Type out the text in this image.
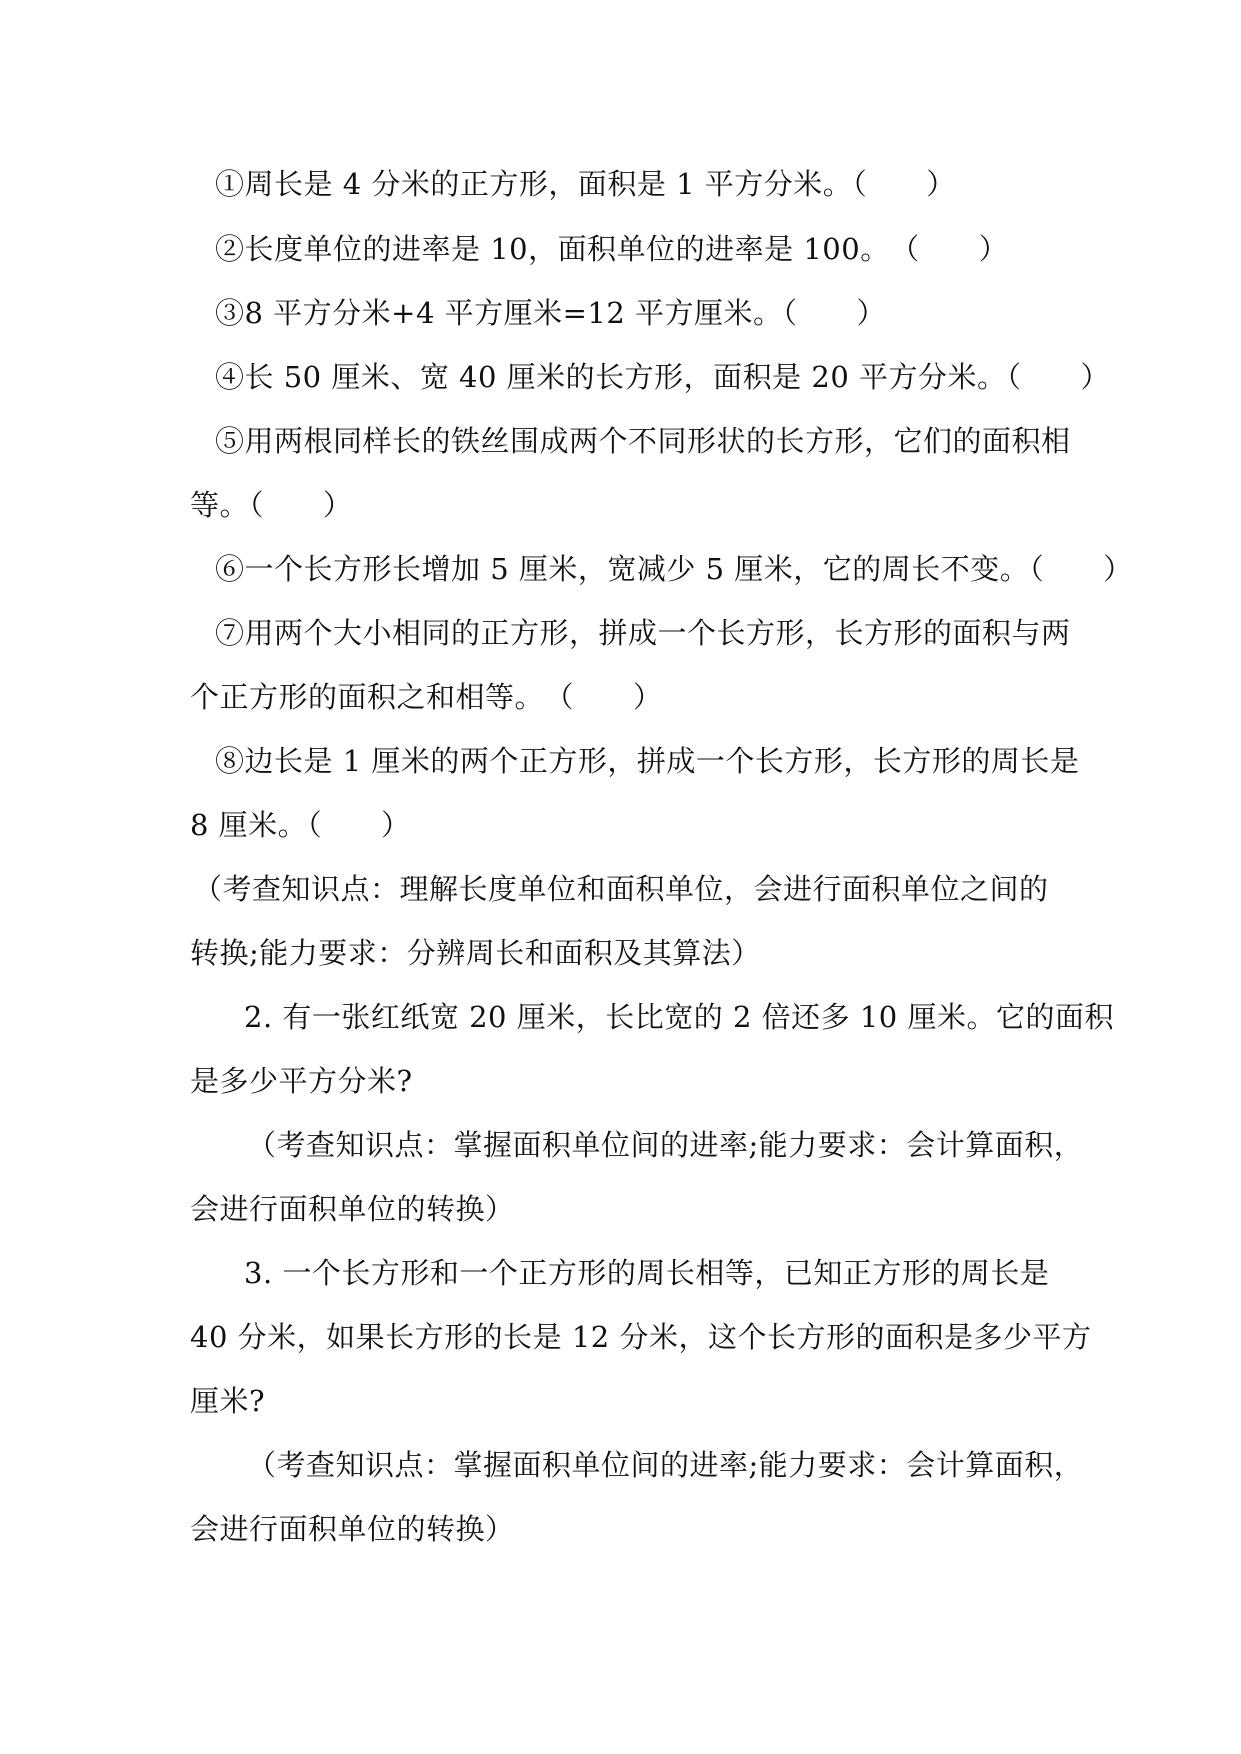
①周长是 4 分米的正方形，面积是 1 平方分米。（　　）
②长度单位的进率是 10，面积单位的进率是 100。　（　　）
③8 平方分米+4 平方厘米=12 平方厘米。（　　）
④长 50 厘米、宽 40 厘米的长方形，面积是 20 平方分米。（　　）
⑤用两根同样长的铁丝围成两个不同形状的长方形，它们的面积相
等。（　　）
⑥一个长方形长增加 5 厘米，宽减少 5 厘米，它的周长不变。（　　）
⑦用两个大小相同的正方形，拼成一个长方形，长方形的面积与两
个正方形的面积之和相等。　（　　）
⑧边长是 1 厘米的两个正方形，拼成一个长方形，长方形的周长是
8 厘米。（　　）
（考查知识点：理解长度单位和面积单位，会进行面积单位之间的
转换;能力要求：分辨周长和面积及其算法）
2. 有一张红纸宽 20 厘米，长比宽的 2 倍还多 10 厘米。它的面积
是多少平方分米?
（考查知识点：掌握面积单位间的进率;能力要求：会计算面积，
会进行面积单位的转换）
3. 一个长方形和一个正方形的周长相等，已知正方形的周长是
40 分米，如果长方形的长是 12 分米，这个长方形的面积是多少平方
厘米?
（考查知识点：掌握面积单位间的进率;能力要求：会计算面积，
会进行面积单位的转换）
